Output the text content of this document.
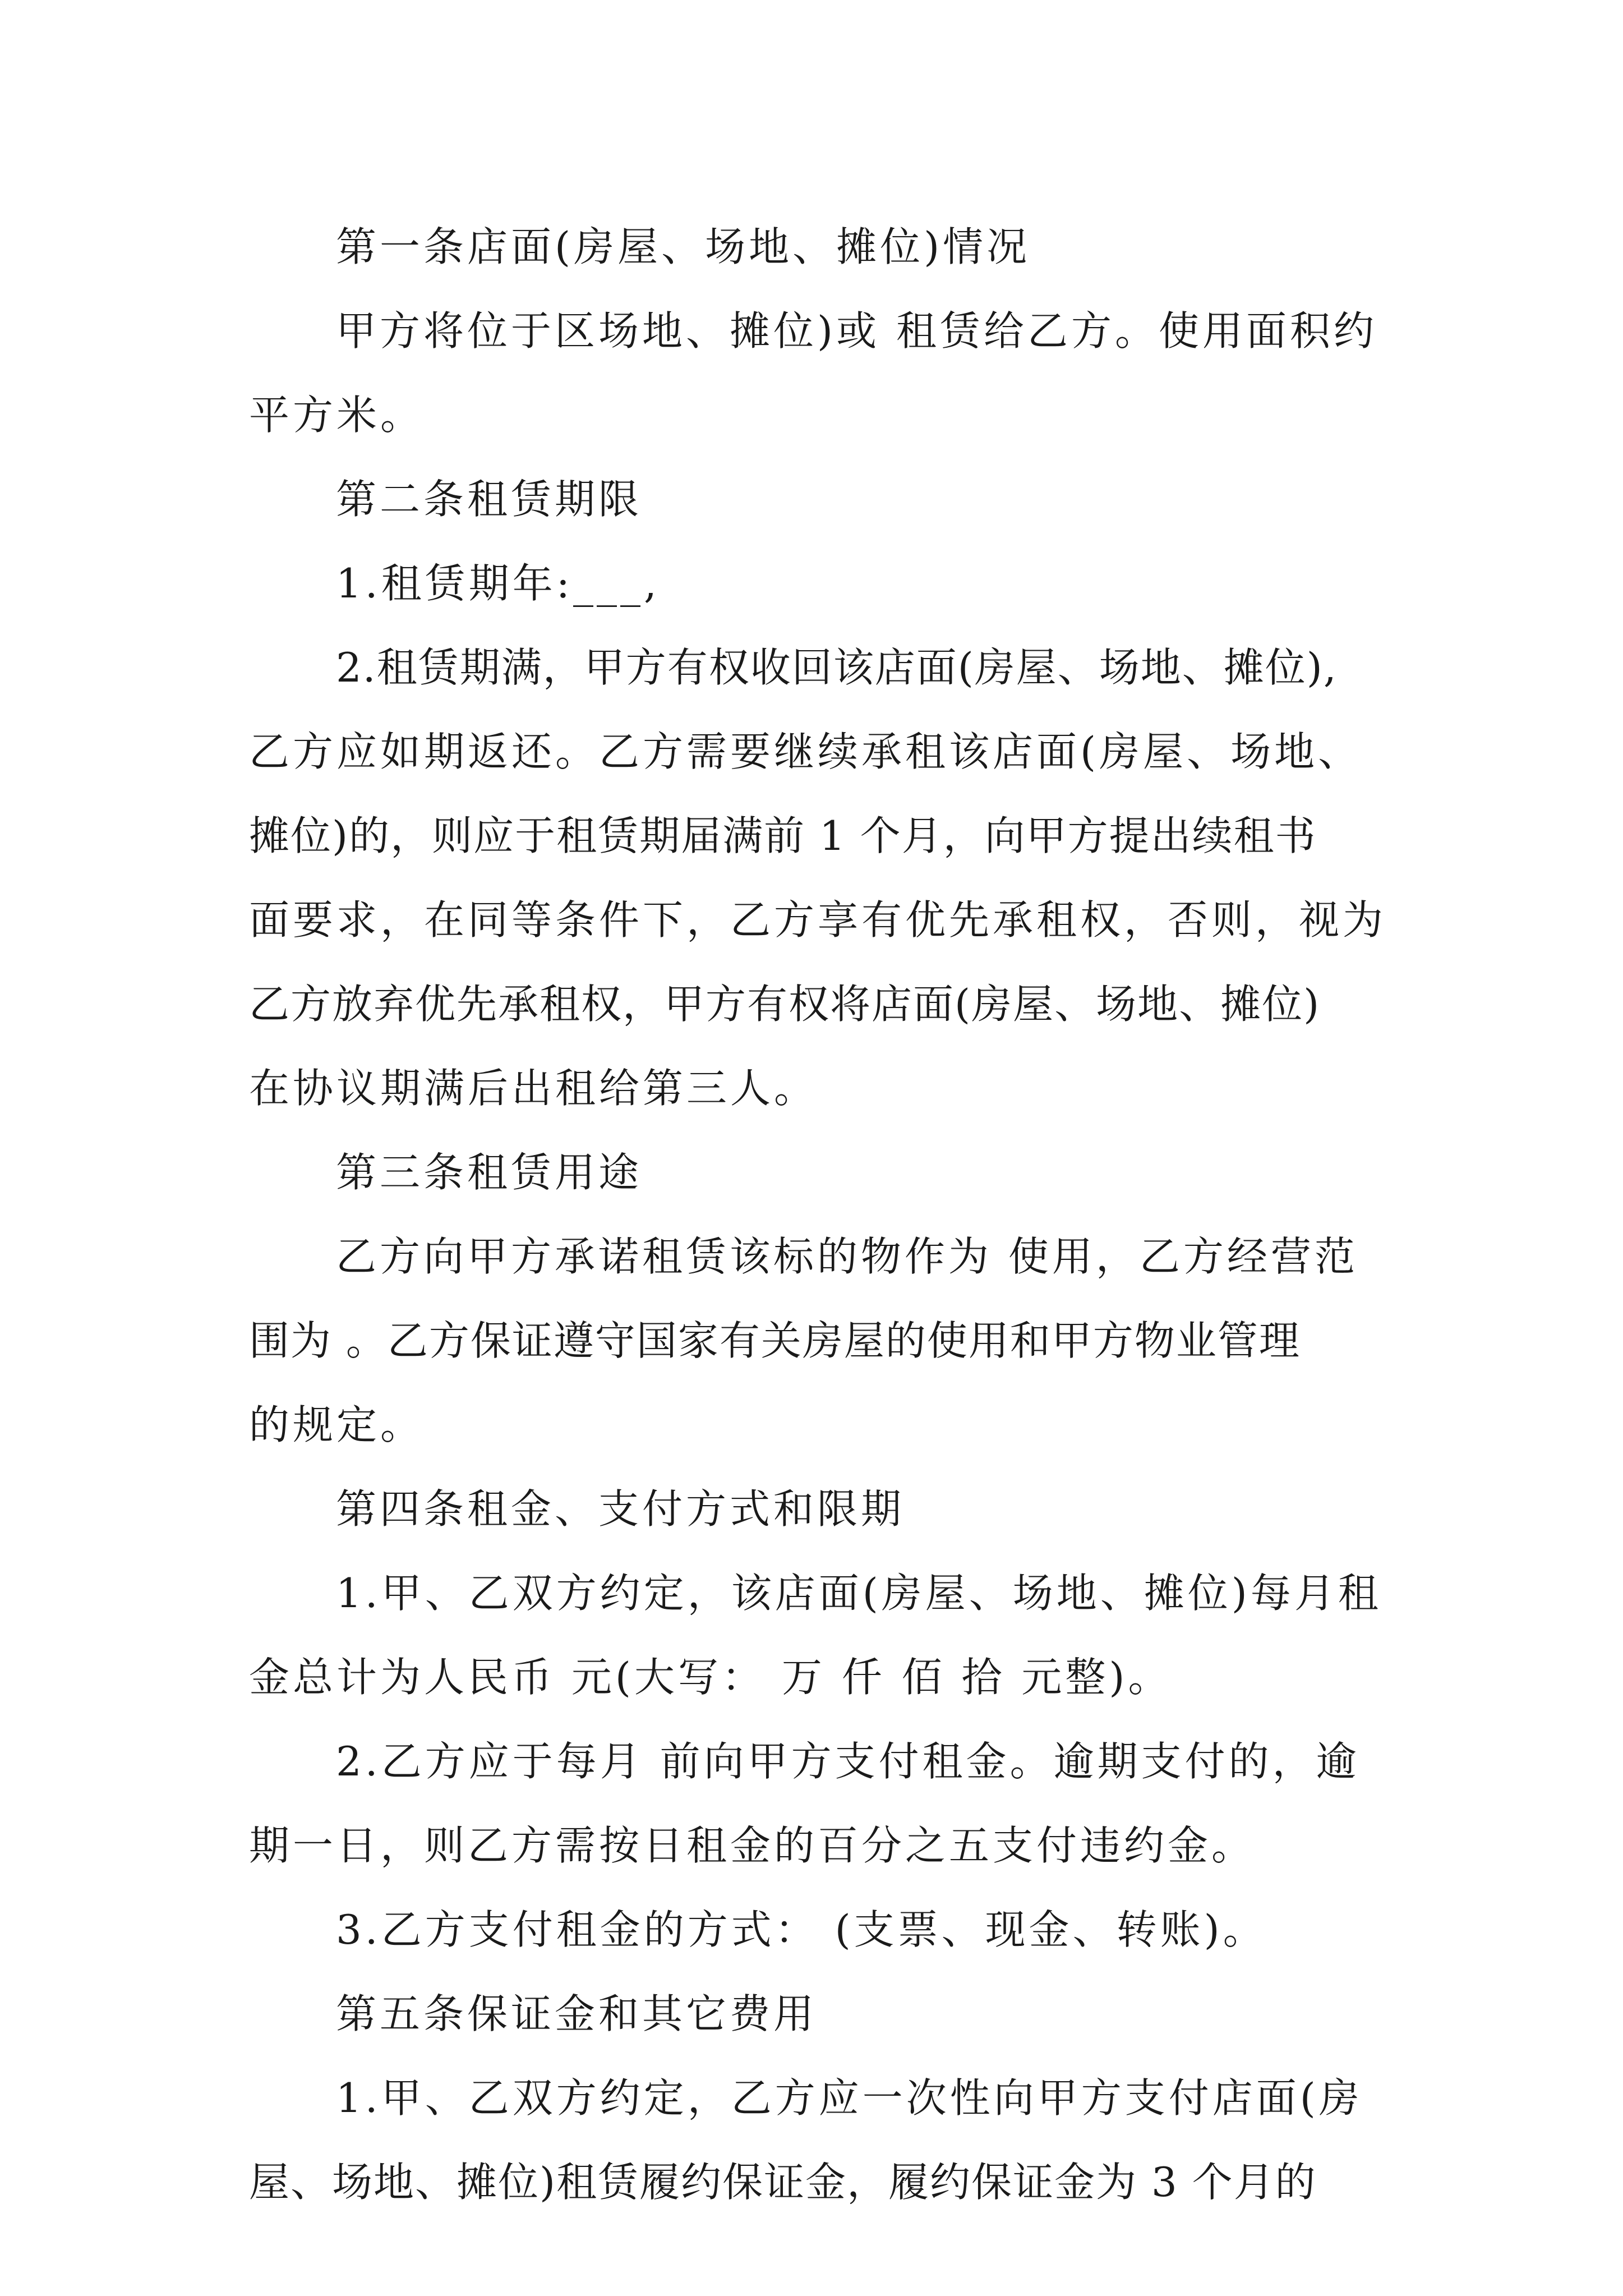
第一条店面(房屋、场地、摊位)情况

甲方将位于区场地、摊位)或 租赁给乙方。使用面积约

平方米。

第二条租赁期限

1.租赁期年:___,

2.租赁期满，甲方有权收回该店面(房屋、场地、摊位),

乙方应如期返还。乙方需要继续承租该店面(房屋、场地、

摊位)的，则应于租赁期届满前 1 个月，向甲方提出续租书

面要求，在同等条件下，乙方享有优先承租权，否则，视为

乙方放弃优先承租权，甲方有权将店面(房屋、场地、摊位)

在协议期满后出租给第三人。

第三条租赁用途

乙方向甲方承诺租赁该标的物作为 使用，乙方经营范

围为 。乙方保证遵守国家有关房屋的使用和甲方物业管理

的规定。

第四条租金、支付方式和限期

1.甲、乙双方约定，该店面(房屋、场地、摊位)每月租

金总计为人民币 元(大写： 万 仟 佰 拾 元整)。

2.乙方应于每月 前向甲方支付租金。逾期支付的，逾

期一日，则乙方需按日租金的百分之五支付违约金。

3.乙方支付租金的方式： (支票、现金、转账)。

第五条保证金和其它费用

1.甲、乙双方约定，乙方应一次性向甲方支付店面(房

屋、场地、摊位)租赁履约保证金，履约保证金为 3 个月的
